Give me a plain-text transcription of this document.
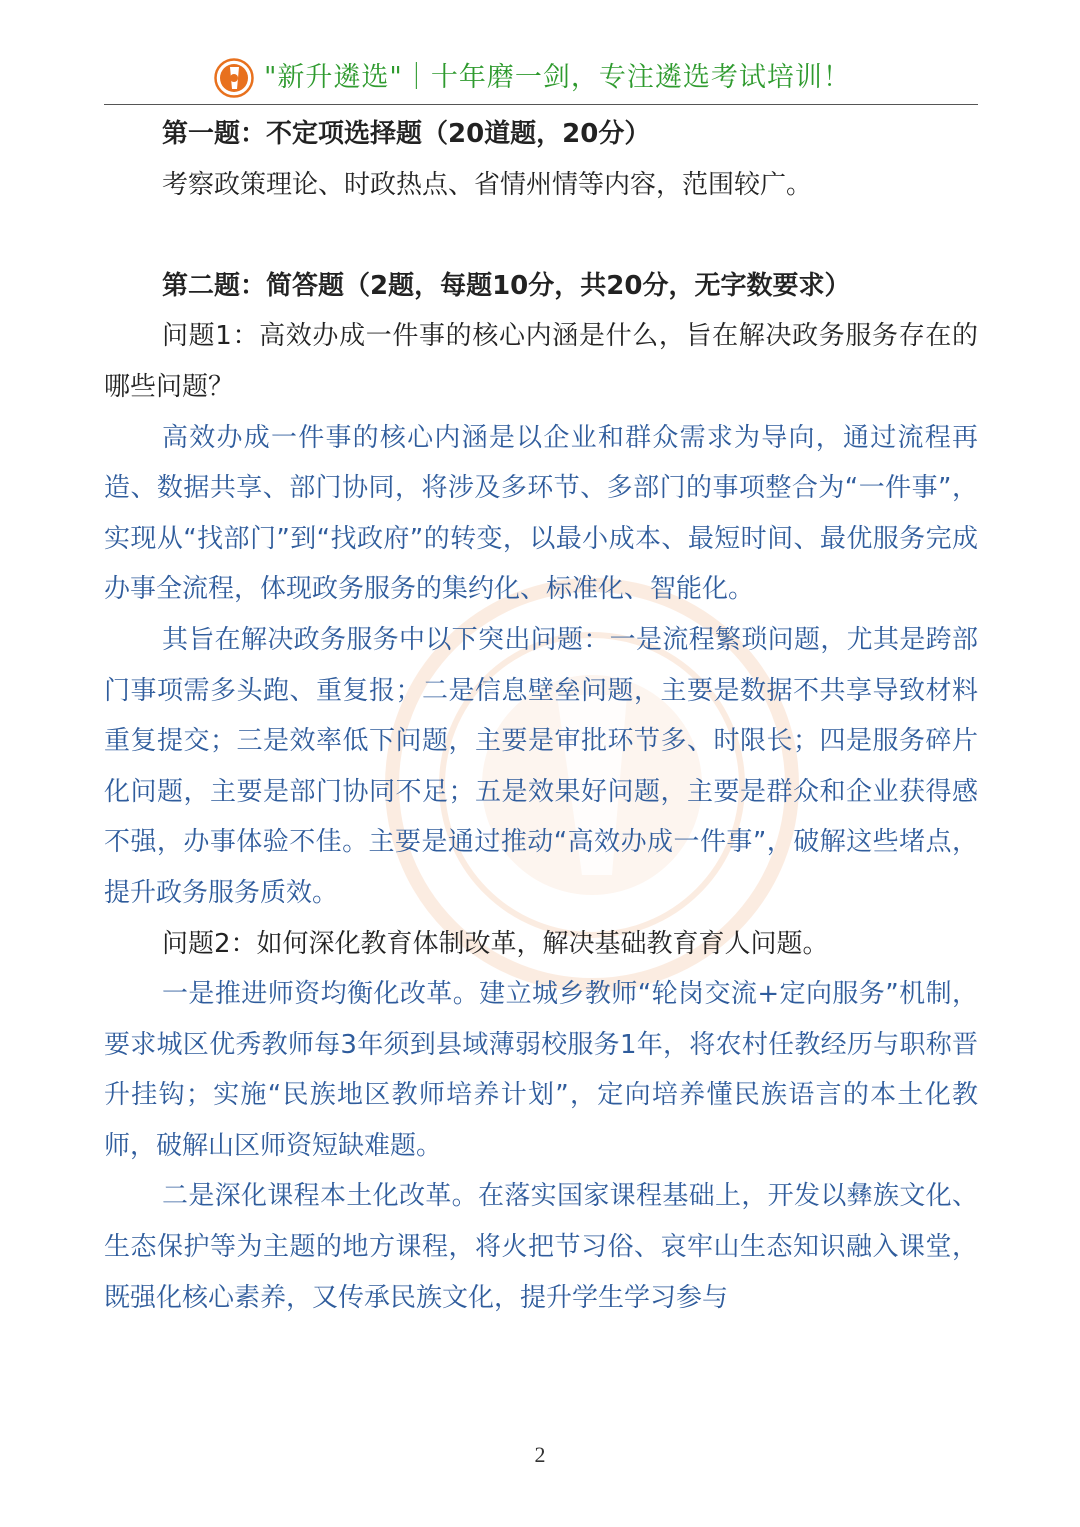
"新升遴选"｜十年磨一剑，专注遴选考试培训！

第一题：不定项选择题（20道题，20分）

考察政策理论、时政热点、省情州情等内容，范围较广。

第二题：简答题（2题，每题10分，共20分，无字数要求）

问题1：高效办成一件事的核心内涵是什么，旨在解决政务服务存在的哪些问题？

高效办成一件事的核心内涵是以企业和群众需求为导向，通过流程再造、数据共享、部门协同，将涉及多环节、多部门的事项整合为“一件事”，实现从“找部门”到“找政府”的转变，以最小成本、最短时间、最优服务完成办事全流程，体现政务服务的集约化、标准化、智能化。

其旨在解决政务服务中以下突出问题：一是流程繁琐问题，尤其是跨部门事项需多头跑、重复报；二是信息壁垒问题，主要是数据不共享导致材料重复提交；三是效率低下问题，主要是审批环节多、时限长；四是服务碎片化问题，主要是部门协同不足；五是效果好问题，主要是群众和企业获得感不强，办事体验不佳。主要是通过推动“高效办成一件事”，破解这些堵点，提升政务服务质效。

问题2：如何深化教育体制改革，解决基础教育育人问题。

一是推进师资均衡化改革。建立城乡教师“轮岗交流+定向服务”机制，要求城区优秀教师每3年须到县域薄弱校服务1年，将农村任教经历与职称晋升挂钩；实施“民族地区教师培养计划”，定向培养懂民族语言的本土化教师，破解山区师资短缺难题。

二是深化课程本土化改革。在落实国家课程基础上，开发以彝族文化、生态保护等为主题的地方课程，将火把节习俗、哀牢山生态知识融入课堂，既强化核心素养，又传承民族文化，提升学生学习参与

2
